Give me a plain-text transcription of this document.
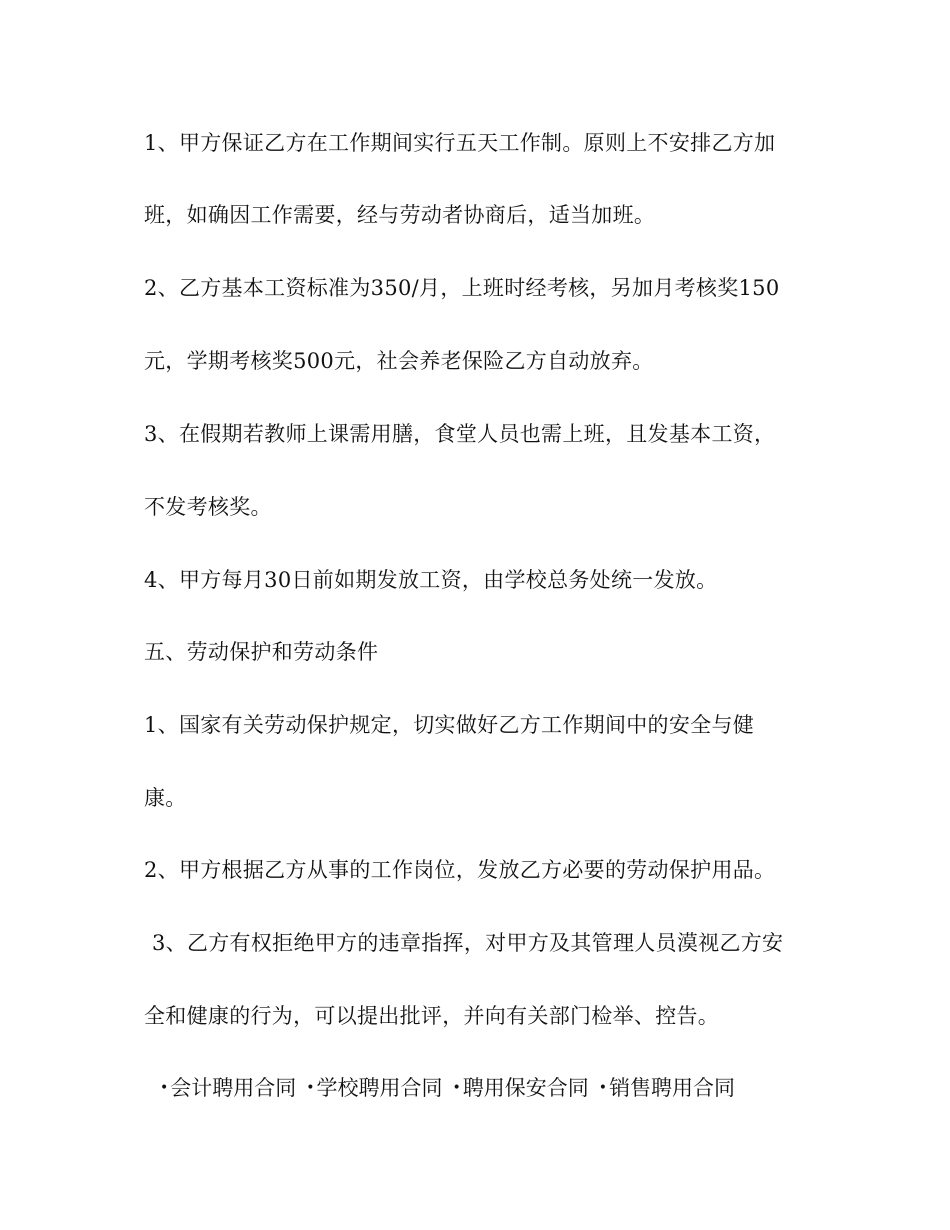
1、甲方保证乙方在工作期间实行五天工作制。原则上不安排乙方加
班，如确因工作需要，经与劳动者协商后，适当加班。
2、乙方基本工资标准为350/月，上班时经考核，另加月考核奖150
元，学期考核奖500元，社会养老保险乙方自动放弃。
3、在假期若教师上课需用膳，食堂人员也需上班，且发基本工资，
不发考核奖。
4、甲方每月30日前如期发放工资，由学校总务处统一发放。
五、劳动保护和劳动条件
1、国家有关劳动保护规定，切实做好乙方工作期间中的安全与健
康。
2、甲方根据乙方从事的工作岗位，发放乙方必要的劳动保护用品。
3、乙方有权拒绝甲方的违章指挥，对甲方及其管理人员漠视乙方安
全和健康的行为，可以提出批评，并向有关部门检举、控告。
• 会计聘用合同 • 学校聘用合同 • 聘用保安合同 • 销售聘用合同
